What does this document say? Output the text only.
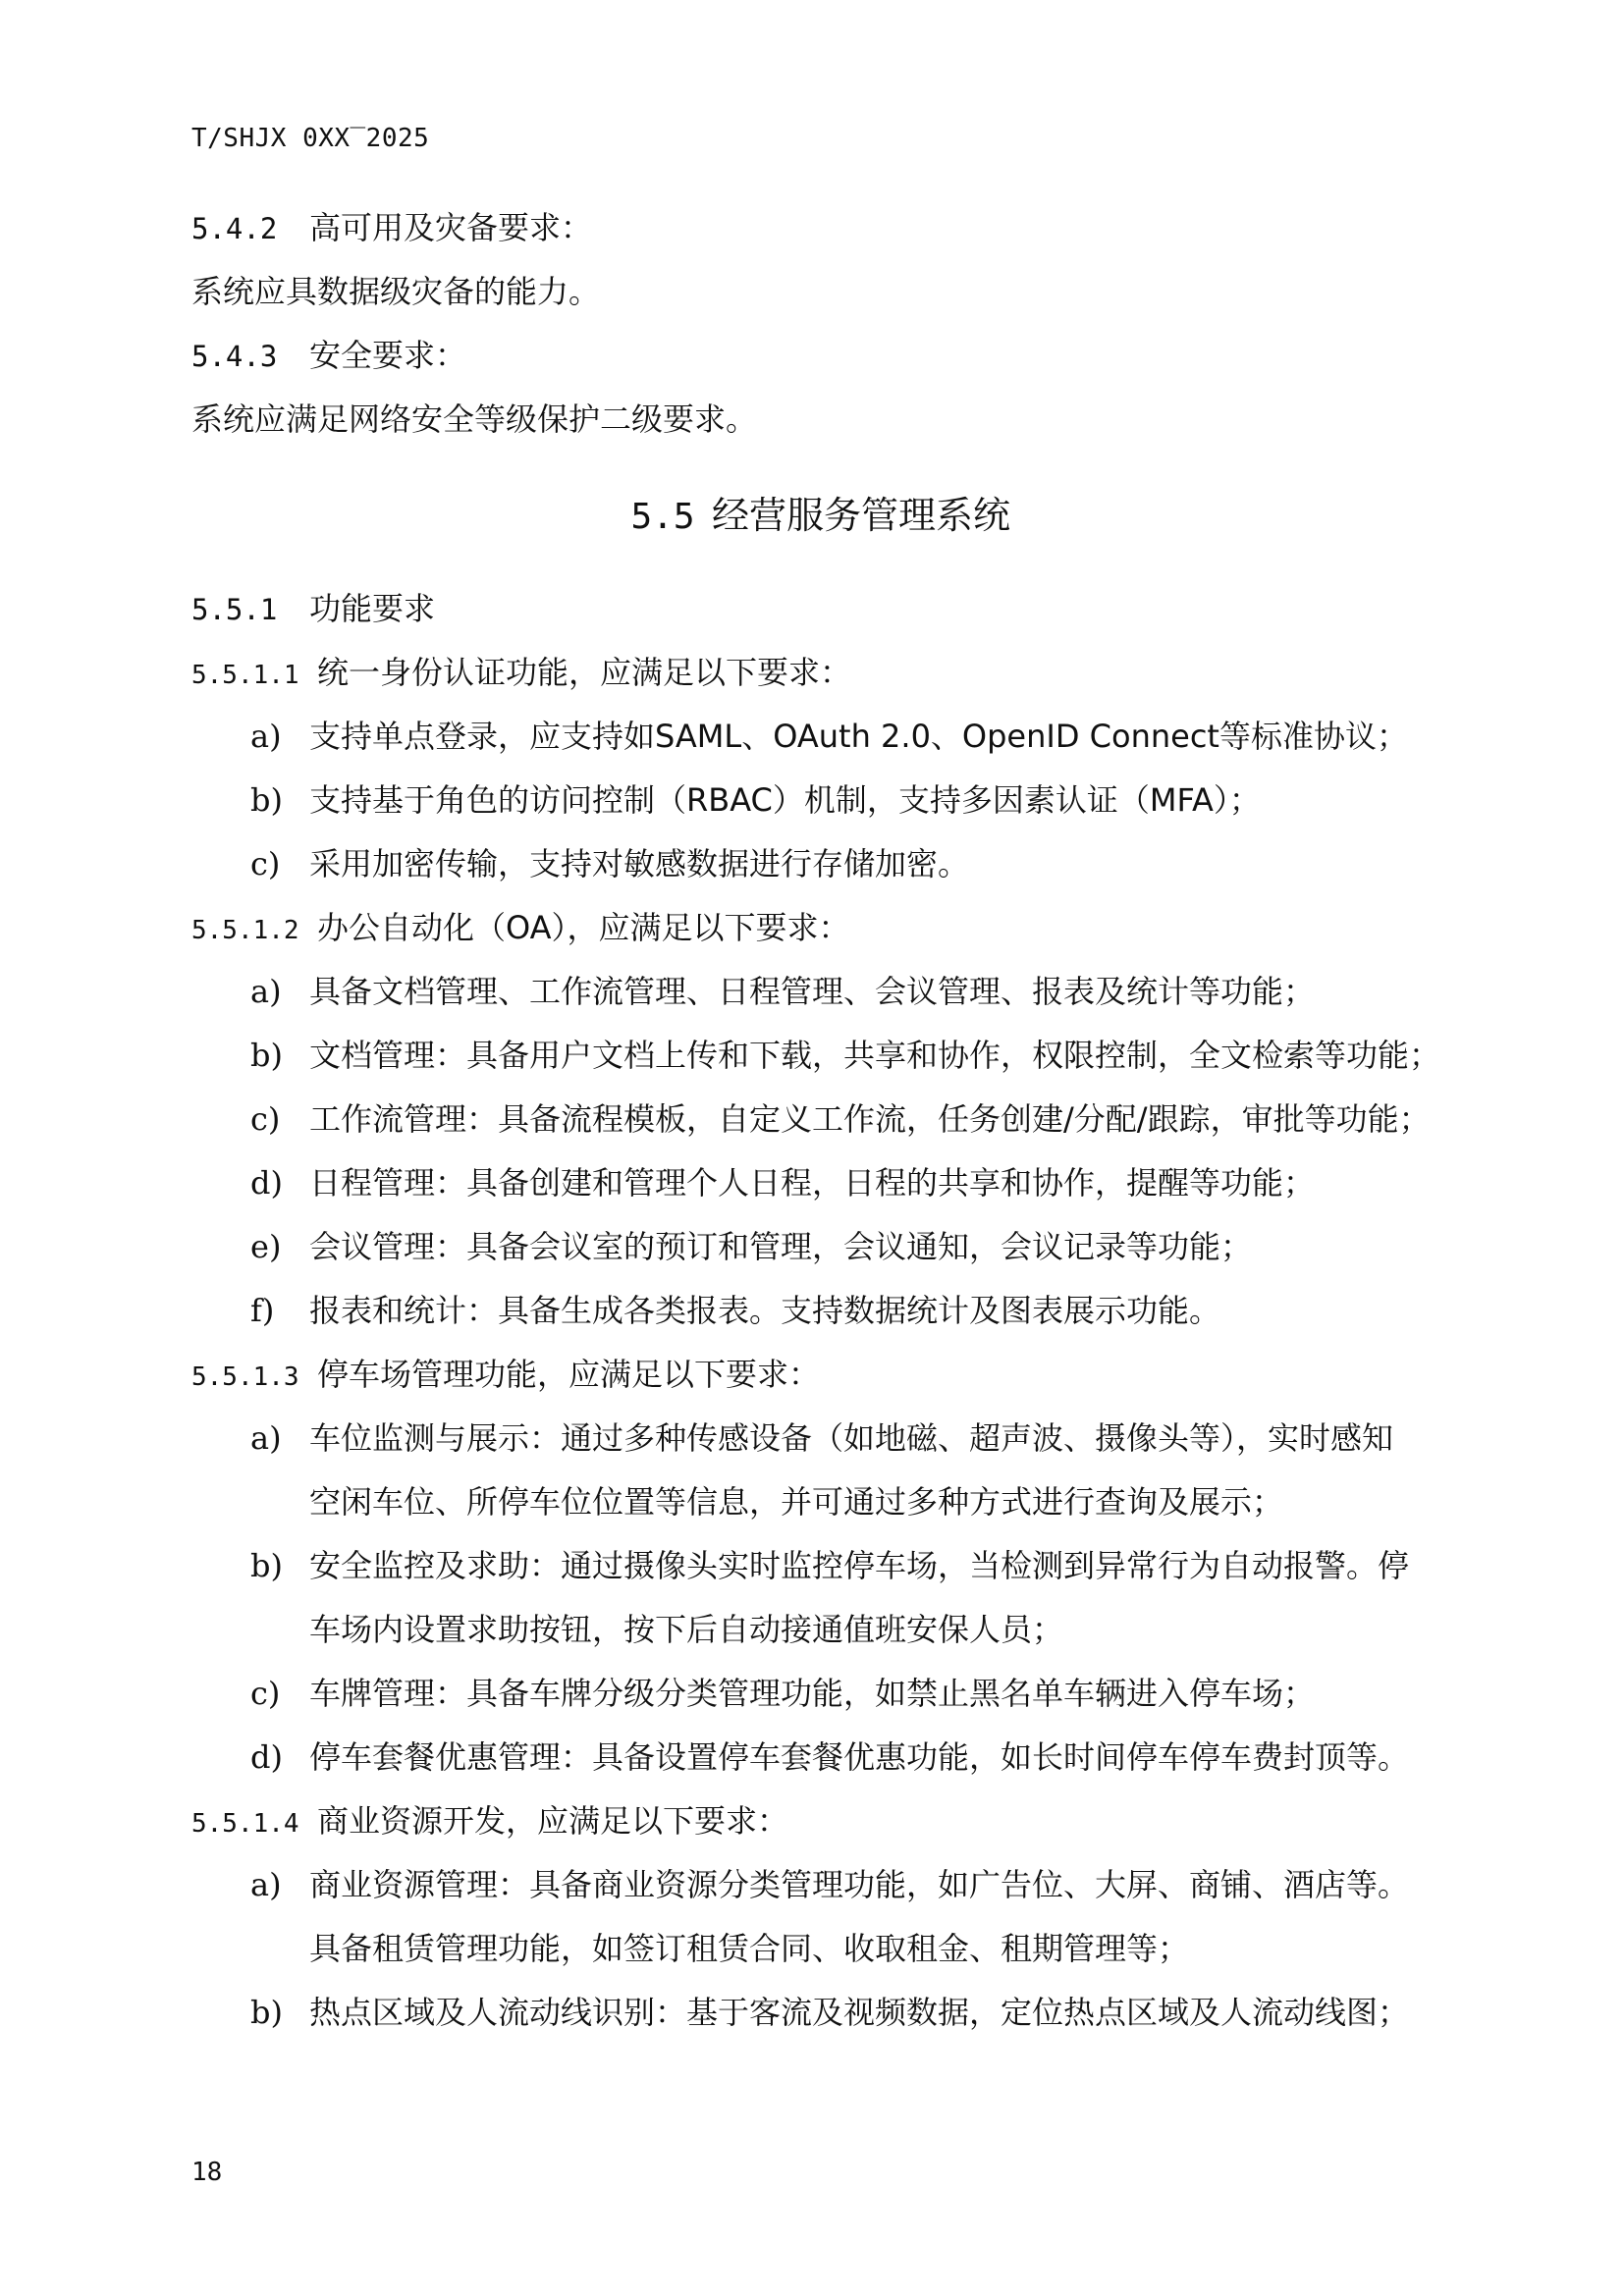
T/SHJX 0XX‾2025
5.4.2 高可用及灾备要求：
系统应具数据级灾备的能力。
5.4.3 安全要求：
系统应满足网络安全等级保护二级要求。
5.5 经营服务管理系统
5.5.1 功能要求
5.5.1.1 统一身份认证功能，应满足以下要求：
a) 支持单点登录，应支持如SAML、OAuth 2.0、OpenID Connect等标准协议；
b) 支持基于角色的访问控制（RBAC）机制，支持多因素认证（MFA）；
c) 采用加密传输，支持对敏感数据进行存储加密。
5.5.1.2 办公自动化（OA），应满足以下要求：
a) 具备文档管理、工作流管理、日程管理、会议管理、报表及统计等功能；
b) 文档管理：具备用户文档上传和下载，共享和协作，权限控制，全文检索等功能；
c) 工作流管理：具备流程模板，自定义工作流，任务创建/分配/跟踪，审批等功能；
d) 日程管理：具备创建和管理个人日程，日程的共享和协作，提醒等功能；
e) 会议管理：具备会议室的预订和管理，会议通知，会议记录等功能；
f) 报表和统计：具备生成各类报表。支持数据统计及图表展示功能。
5.5.1.3 停车场管理功能，应满足以下要求：
a) 车位监测与展示：通过多种传感设备（如地磁、超声波、摄像头等），实时感知
空闲车位、所停车位位置等信息，并可通过多种方式进行查询及展示；
b) 安全监控及求助：通过摄像头实时监控停车场，当检测到异常行为自动报警。停
车场内设置求助按钮，按下后自动接通值班安保人员；
c) 车牌管理：具备车牌分级分类管理功能，如禁止黑名单车辆进入停车场；
d) 停车套餐优惠管理：具备设置停车套餐优惠功能，如长时间停车停车费封顶等。
5.5.1.4 商业资源开发，应满足以下要求：
a) 商业资源管理：具备商业资源分类管理功能，如广告位、大屏、商铺、酒店等。
具备租赁管理功能，如签订租赁合同、收取租金、租期管理等；
b) 热点区域及人流动线识别：基于客流及视频数据，定位热点区域及人流动线图；
18
